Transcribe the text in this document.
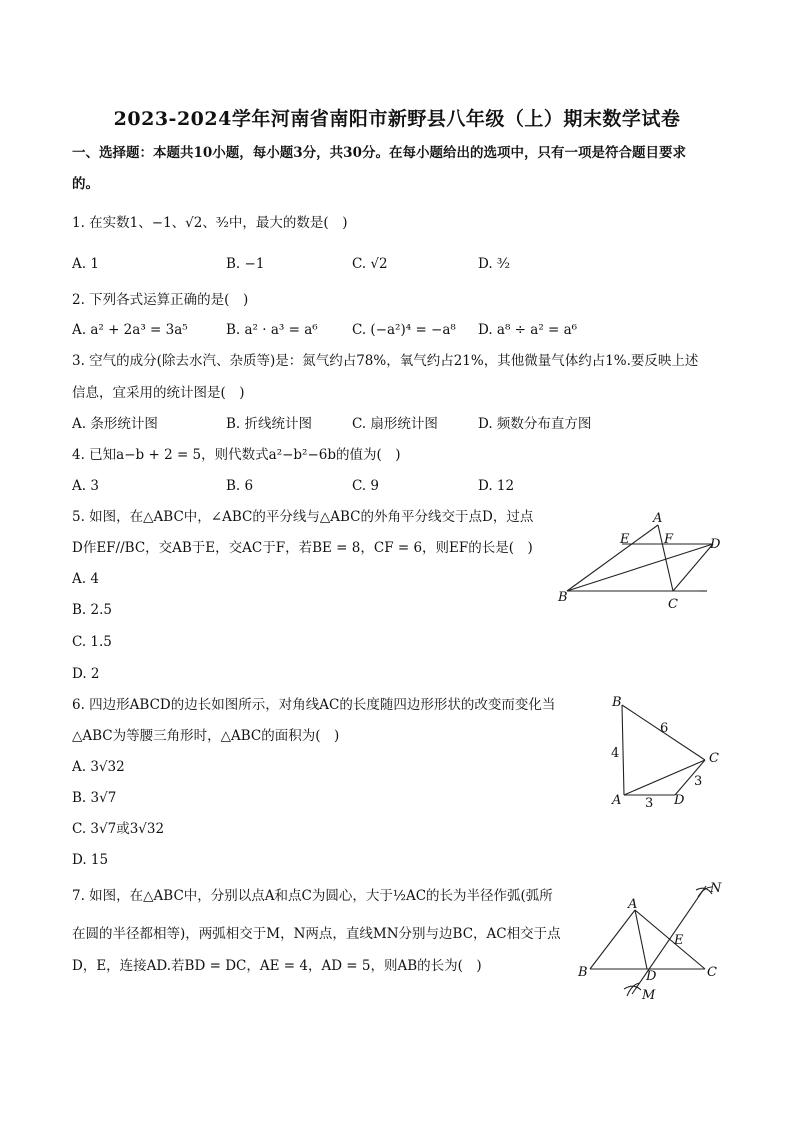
2023-2024学年河南省南阳市新野县八年级（上）期末数学试卷
一、选择题：本题共10小题，每小题3分，共30分。在每小题给出的选项中，只有一项是符合题目要求
的。
1. 在实数1、−1、√2、³⁄₂中，最大的数是(　)
A. 1	B. −1	C. √2	D. ³⁄₂
2. 下列各式运算正确的是(　)
A. a² + 2a³ = 3a⁵	B. a² · a³ = a⁶	C. (−a²)⁴ = −a⁸ D. a⁸ ÷ a² = a⁶
3. 空气的成分(除去水汽、杂质等)是：氮气约占78%，氧气约占21%，其他微量气体约占1%.要反映上述
信息，宜采用的统计图是(　)
A. 条形统计图	B. 折线统计图	C. 扇形统计图	D. 频数分布直方图
4. 已知a−b + 2 = 5，则代数式a²−b²−6b的值为(　)
A. 3	B. 6	C. 9	D. 12
5. 如图，在△ABC中，∠ABC的平分线与△ABC的外角平分线交于点D，过点
D作EF//BC，交AB于E，交AC于F，若BE = 8，CF = 6，则EF的长是(　)
A. 4
B. 2.5
C. 1.5
D. 2
A
E	F	D
B	C
6. 四边形ABCD的边长如图所示，对角线AC的长度随四边形形状的改变而变化当
△ABC为等腰三角形时，△ABC的面积为(　)
A. 3√32
B. 3√7
C. 3√7或3√32
D. 15
B
6
4	C
3
A 3 D
7. 如图，在△ABC中，分别以点A和点C为圆心，大于½AC的长为半径作弧(弧所
在圆的半径都相等)，两弧相交于M，N两点，直线MN分别与边BC，AC相交于点
D，E，连接AD.若BD = DC，AE = 4，AD = 5，则AB的长为(　)
N
A
E
B	D	C
M
